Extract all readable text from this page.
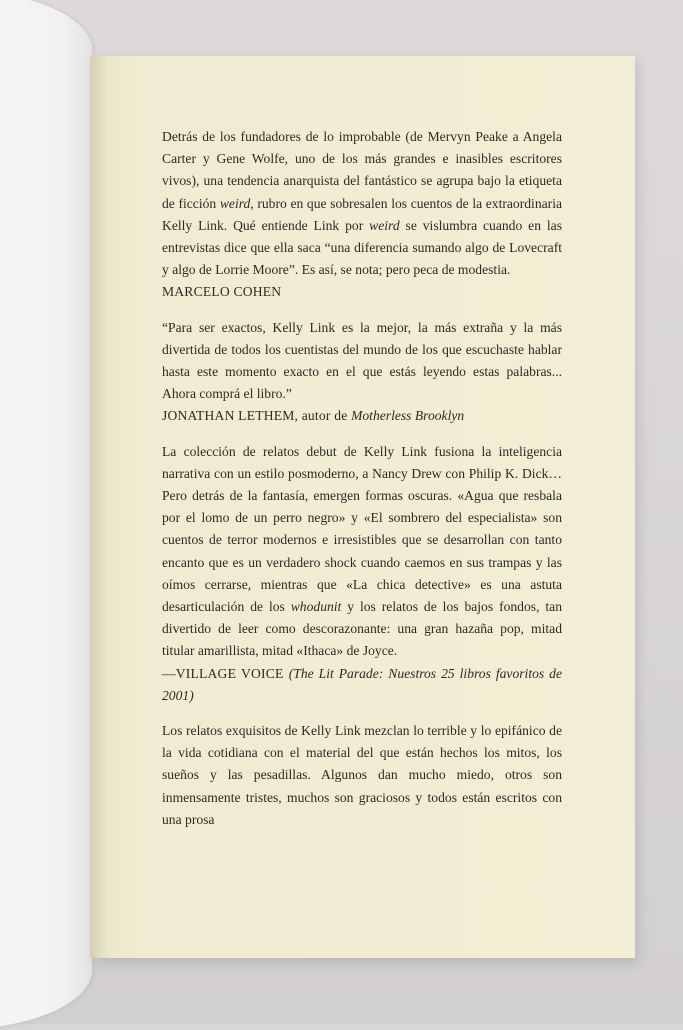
Detrás de los fundadores de lo improbable (de Mervyn Peake a Angela Carter y Gene Wolfe, uno de los más grandes e inasibles escritores vivos), una tendencia anarquista del fantástico se agrupa bajo la etiqueta de ficción weird, rubro en que sobresalen los cuentos de la extraordinaria Kelly Link. Qué entiende Link por weird se vislumbra cuando en las entrevistas dice que ella saca “una diferencia sumando algo de Lovecraft y algo de Lorrie Moore”. Es así, se nota; pero peca de modestia.

MARCELO COHEN

“Para ser exactos, Kelly Link es la mejor, la más extraña y la más divertida de todos los cuentistas del mundo de los que escuchaste hablar hasta este momento exacto en el que estás leyendo estas palabras... Ahora comprá el libro.”

JONATHAN LETHEM, autor de Motherless Brooklyn

La colección de relatos debut de Kelly Link fusiona la inteligencia narrativa con un estilo posmoderno, a Nancy Drew con Philip K. Dick… Pero detrás de la fantasía, emergen formas oscuras. «Agua que resbala por el lomo de un perro negro» y «El sombrero del especialista» son cuentos de terror modernos e irresistibles que se desarrollan con tanto encanto que es un verdadero shock cuando caemos en sus trampas y las oímos cerrarse, mientras que «La chica detective» es una astuta desarticulación de los whodunit y los relatos de los bajos fondos, tan divertido de leer como descorazonante: una gran hazaña pop, mitad titular amarillista, mitad «Ithaca» de Joyce.

—VILLAGE VOICE (The Lit Parade: Nuestros 25 libros favoritos de 2001)

Los relatos exquisitos de Kelly Link mezclan lo terrible y lo epifánico de la vida cotidiana con el material del que están hechos los mitos, los sueños y las pesadillas. Algunos dan mucho miedo, otros son inmensamente tristes, muchos son graciosos y todos están escritos con una prosa
